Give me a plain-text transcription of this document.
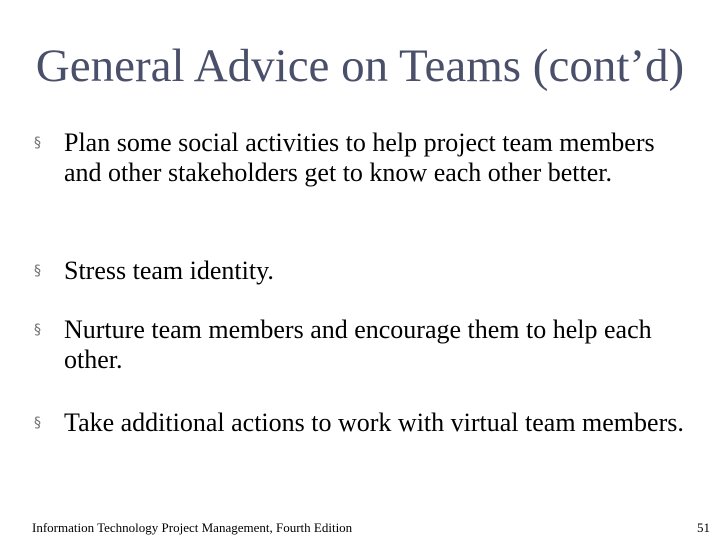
General Advice on Teams (cont’d)
§ Plan some social activities to help project team members and other stakeholders get to know each other better.
§ Stress team identity.
§ Nurture team members and encourage them to help each other.
§ Take additional actions to work with virtual team members.
Information Technology Project Management, Fourth Edition	51
